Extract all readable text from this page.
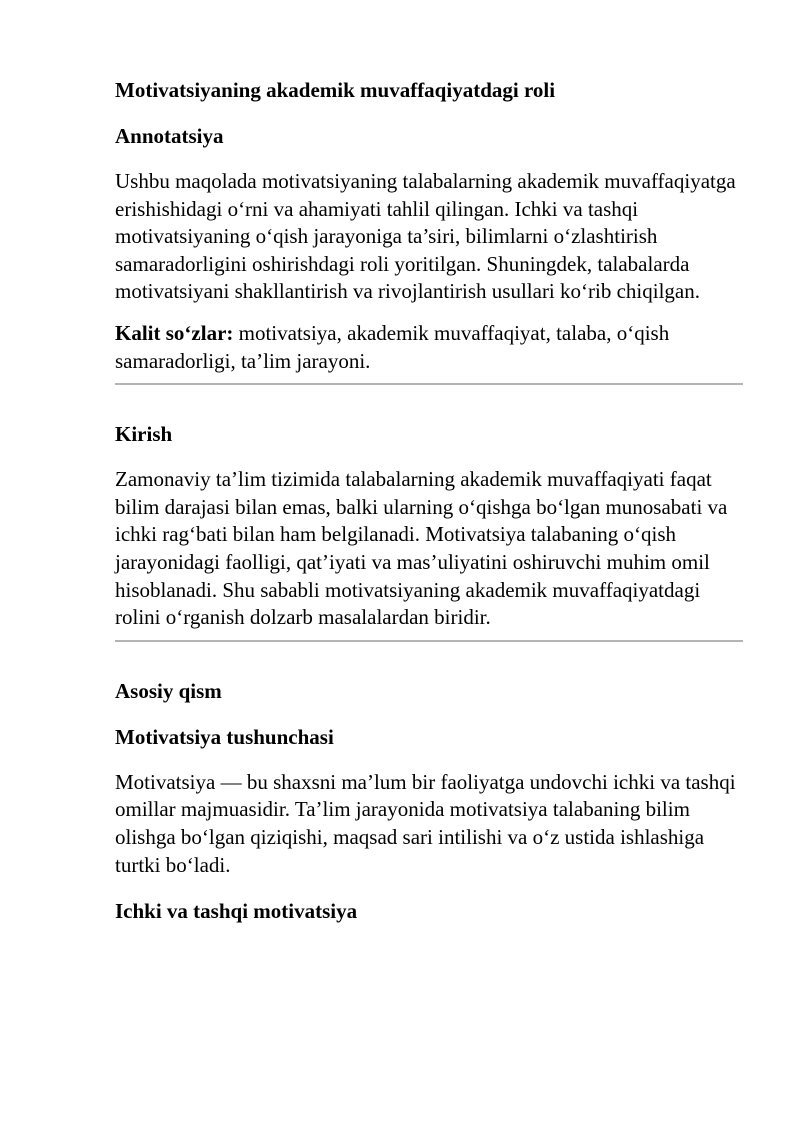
Motivatsiyaning akademik muvaffaqiyatdagi roli
Annotatsiya

Ushbu maqolada motivatsiyaning talabalarning akademik muvaffaqiyatga erishishidagi o‘rni va ahamiyati tahlil qilingan. Ichki va tashqi motivatsiyaning o‘qish jarayoniga ta’siri, bilimlarni o‘zlashtirish samaradorligini oshirishdagi roli yoritilgan. Shuningdek, talabalarda motivatsiyani shakllantirish va rivojlantirish usullari ko‘rib chiqilgan.

Kalit so‘zlar: motivatsiya, akademik muvaffaqiyat, talaba, o‘qish samaradorligi, ta’lim jarayoni.

Kirish

Zamonaviy ta’lim tizimida talabalarning akademik muvaffaqiyati faqat bilim darajasi bilan emas, balki ularning o‘qishga bo‘lgan munosabati va ichki rag‘bati bilan ham belgilanadi. Motivatsiya talabaning o‘qish jarayonidagi faolligi, qat’iyati va mas’uliyatini oshiruvchi muhim omil hisoblanadi. Shu sababli motivatsiyaning akademik muvaffaqiyatdagi rolini o‘rganish dolzarb masalalardan biridir.

Asosiy qism
Motivatsiya tushunchasi

Motivatsiya — bu shaxsni ma’lum bir faoliyatga undovchi ichki va tashqi omillar majmuasidir. Ta’lim jarayonida motivatsiya talabaning bilim olishga bo‘lgan qiziqishi, maqsad sari intilishi va o‘z ustida ishlashiga turtki bo‘ladi.

Ichki va tashqi motivatsiya
